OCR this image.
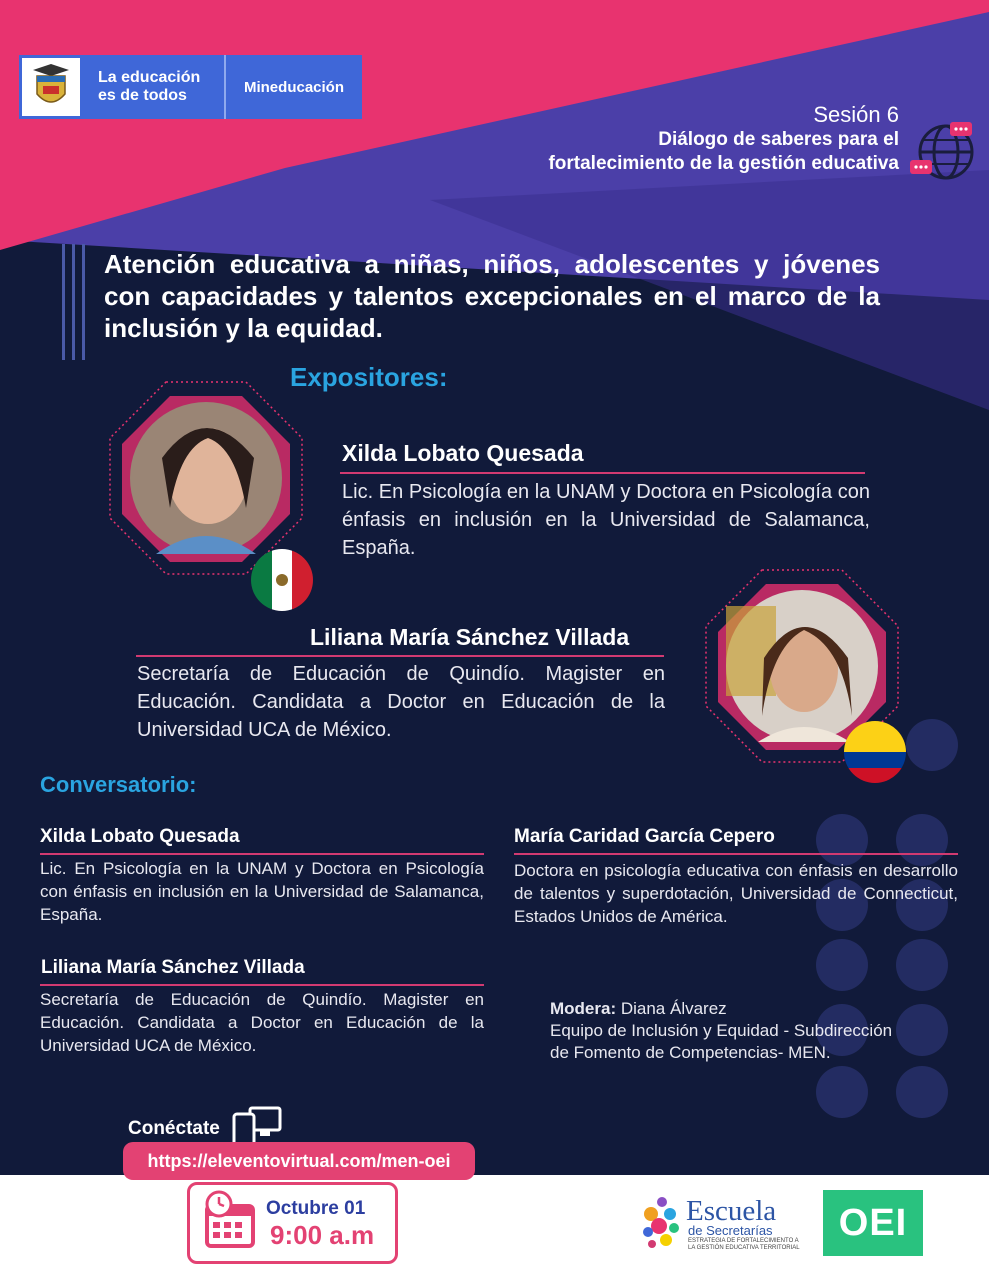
La educación
es de todos	Mineducación
Sesión 6
Diálogo de saberes para el
fortalecimiento de la gestión educativa
Atención educativa a niñas, niños, adolescentes y jóvenes con capacidades y talentos excepcionales en el marco de la inclusión y la equidad.
Expositores:
Xilda Lobato Quesada
Lic. En Psicología en la UNAM y Doctora en Psicología con énfasis en inclusión en la Universidad de Salamanca, España.
Liliana María Sánchez Villada
Secretaría de Educación de Quindío. Magister en Educación. Candidata a Doctor en Educación de la Universidad UCA de México.
Conversatorio:
Xilda Lobato Quesada
Lic. En Psicología en la UNAM y Doctora en Psicología con énfasis en inclusión en la Universidad de Salamanca, España.
María Caridad García Cepero
Doctora en psicología educativa con énfasis en desarrollo de talentos y superdotación, Universidad de Connecticut, Estados Unidos de América.
Liliana María Sánchez Villada
Secretaría de Educación de Quindío. Magister en Educación. Candidata a Doctor en Educación de la Universidad UCA de México.
Modera: Diana Álvarez
Equipo de Inclusión y Equidad - Subdirección
de Fomento de Competencias- MEN.
Conéctate
https://eleventovirtual.com/men-oei
Octubre 01
9:00 a.m
Escuela
de Secretarías
ESTRATEGIA DE FORTALECIMIENTO A LA GESTIÓN EDUCATIVA TERRITORIAL
OEI
